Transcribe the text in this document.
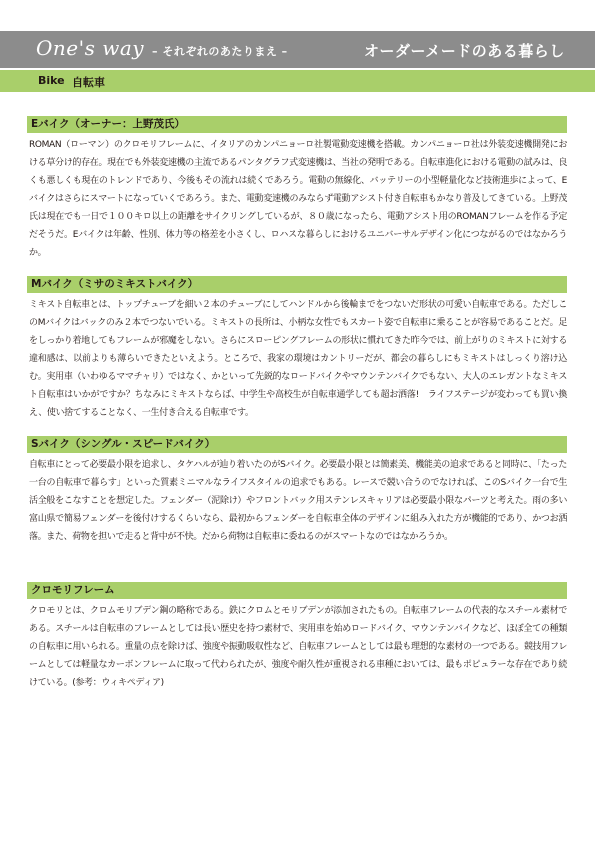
One's way – それぞれのあたりまえ –	オーダーメードのある暮らし
Bike 自転車
Eバイク（オーナー：上野茂氏）
ROMAN（ローマン）のクロモリフレームに、イタリアのカンパニョーロ社製電動変速機を搭載。カンパニョーロ社は外装変速機開発における草分け的存在。現在でも外装変速機の主流であるパンタグラフ式変速機は、当社の発明である。自転車進化における電動の試みは、良くも悪しくも現在のトレンドであり、今後もその流れは続くであろう。電動の無線化、バッテリーの小型軽量化など技術進歩によって、Eバイクはさらにスマートになっていくであろう。また、電動変速機のみならず電動アシスト付き自転車もかなり普及してきている。上野茂氏は現在でも一日で１００キロ以上の距離をサイクリングしているが、８０歳になったら、電動アシスト用のROMANフレームを作る予定だそうだ。Eバイクは年齢、性別、体力等の格差を小さくし、ロハスな暮らしにおけるユニバーサルデザイン化につながるのではなかろうか。
Mバイク（ミサのミキストバイク）
ミキスト自転車とは、トップチューブを細い２本のチューブにしてハンドルから後輪までをつないだ形状の可愛い自転車である。ただしこのMバイクはバックのみ２本でつないでいる。ミキストの長所は、小柄な女性でもスカート姿で自転車に乗ることが容易であることだ。足をしっかり着地してもフレームが邪魔をしない。さらにスローピングフレームの形状に慣れてきた昨今では、前上がりのミキストに対する違和感は、以前よりも薄らいできたといえよう。ところで、我家の環境はカントリーだが、都会の暮らしにもミキストはしっくり溶け込む。実用車（いわゆるママチャリ）ではなく、かといって先鋭的なロードバイクやマウンテンバイクでもない、大人のエレガントなミキスト自転車はいかがですか？ちなみにミキストならば、中学生や高校生が自転車通学しても超お洒落!　ライフステージが変わっても買い換え、使い捨てすることなく、一生付き合える自転車です。
Sバイク（シングル・スピードバイク）
自転車にとって必要最小限を追求し、タケハルが辿り着いたのがSバイク。必要最小限とは簡素美、機能美の追求であると同時に、「たった一台の自転車で暮らす」といった質素ミニマルなライフスタイルの追求でもある。レースで競い合うのでなければ、このSバイク一台で生活全般をこなすことを想定した。フェンダー（泥除け）やフロントバック用ステンレスキャリアは必要最小限なパーツと考えた。雨の多い富山県で簡易フェンダーを後付けするくらいなら、最初からフェンダーを自転車全体のデザインに組み入れた方が機能的であり、かつお洒落。また、荷物を担いで走ると背中が不快。だから荷物は自転車に委ねるのがスマートなのではなかろうか。
クロモリフレーム
クロモリとは、クロムモリブデン鋼の略称である。鉄にクロムとモリブデンが添加されたもの。自転車フレームの代表的なスチール素材である。スチールは自転車のフレームとしては長い歴史を持つ素材で、実用車を始めロードバイク、マウンテンバイクなど、ほぼ全ての種類の自転車に用いられる。重量の点を除けば、強度や振動吸収性など、自転車フレームとしては最も理想的な素材の一つである。競技用フレームとしては軽量なカーボンフレームに取って代わられたが、強度や耐久性が重視される車種においては、最もポピュラーな存在であり続けている。(参考：ウィキペディア)
